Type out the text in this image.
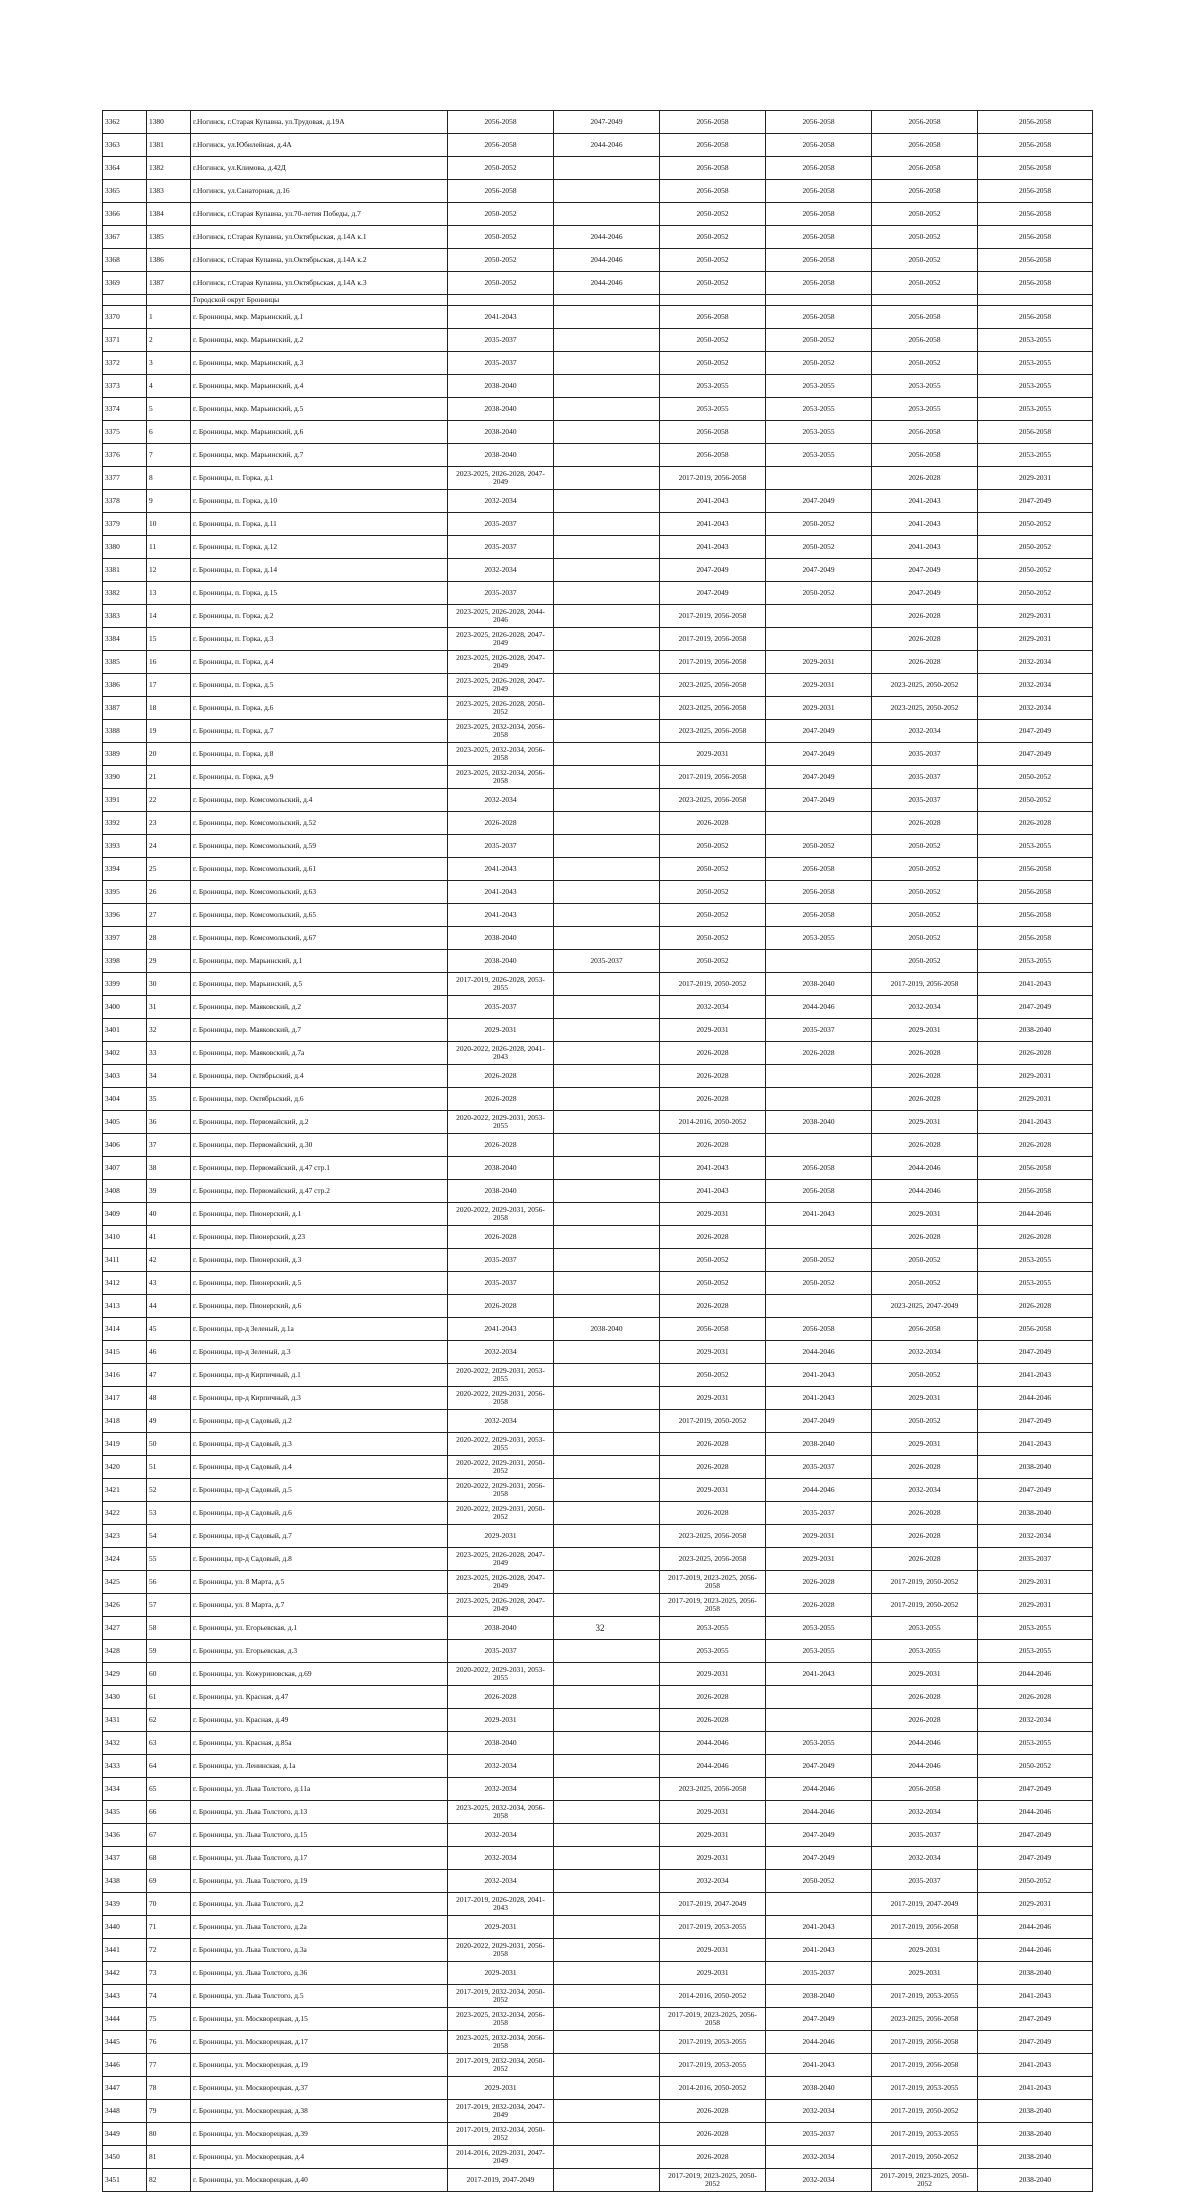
3362	1380	г.Ногинск, г.Старая Купавна, ул.Трудовая, д.19А	2056-2058	2047-2049	2056-2058	2056-2058	2056-2058	2056-2058
3363	1381	г.Ногинск, ул.Юбилейная, д.4А	2056-2058	2044-2046	2056-2058	2056-2058	2056-2058	2056-2058
3364	1382	г.Ногинск, ул.Климова, д.42Д	2050-2052		2056-2058	2056-2058	2056-2058	2056-2058
3365	1383	г.Ногинск, ул.Санаторная, д.16	2056-2058		2056-2058	2056-2058	2056-2058	2056-2058
3366	1384	г.Ногинск, г.Старая Купавна, ул.70-летия Победы, д.7	2050-2052		2050-2052	2056-2058	2050-2052	2056-2058
3367	1385	г.Ногинск, г.Старая Купавна, ул.Октябрьская, д.14А к.1	2050-2052	2044-2046	2050-2052	2056-2058	2050-2052	2056-2058
3368	1386	г.Ногинск, г.Старая Купавна, ул.Октябрьская, д.14А к.2	2050-2052	2044-2046	2050-2052	2056-2058	2050-2052	2056-2058
3369	1387	г.Ногинск, г.Старая Купавна, ул.Октябрьская, д.14А к.3	2050-2052	2044-2046	2050-2052	2056-2058	2050-2052	2056-2058
		Городской округ Бронницы						
3370	1	г. Бронницы, мкр. Марьинский, д.1	2041-2043		2056-2058	2056-2058	2056-2058	2056-2058
3371	2	г. Бронницы, мкр. Марьинский, д.2	2035-2037		2050-2052	2050-2052	2056-2058	2053-2055
3372	3	г. Бронницы, мкр. Марьинский, д.3	2035-2037		2050-2052	2050-2052	2050-2052	2053-2055
3373	4	г. Бронницы, мкр. Марьинский, д.4	2038-2040		2053-2055	2053-2055	2053-2055	2053-2055
3374	5	г. Бронницы, мкр. Марьинский, д.5	2038-2040		2053-2055	2053-2055	2053-2055	2053-2055
3375	6	г. Бронницы, мкр. Марьинский, д.6	2038-2040		2056-2058	2053-2055	2056-2058	2056-2058
3376	7	г. Бронницы, мкр. Марьинский, д.7	2038-2040		2056-2058	2053-2055	2056-2058	2053-2055
3377	8	г. Бронницы, п. Горка, д.1	2023-2025, 2026-2028, 2047-2049		2017-2019, 2056-2058		2026-2028	2029-2031
3378	9	г. Бронницы, п. Горка, д.10	2032-2034		2041-2043	2047-2049	2041-2043	2047-2049
3379	10	г. Бронницы, п. Горка, д.11	2035-2037		2041-2043	2050-2052	2041-2043	2050-2052
3380	11	г. Бронницы, п. Горка, д.12	2035-2037		2041-2043	2050-2052	2041-2043	2050-2052
3381	12	г. Бронницы, п. Горка, д.14	2032-2034		2047-2049	2047-2049	2047-2049	2050-2052
3382	13	г. Бронницы, п. Горка, д.15	2035-2037		2047-2049	2050-2052	2047-2049	2050-2052
3383	14	г. Бронницы, п. Горка, д.2	2023-2025, 2026-2028, 2044-2046		2017-2019, 2056-2058		2026-2028	2029-2031
3384	15	г. Бронницы, п. Горка, д.3	2023-2025, 2026-2028, 2047-2049		2017-2019, 2056-2058		2026-2028	2029-2031
3385	16	г. Бронницы, п. Горка, д.4	2023-2025, 2026-2028, 2047-2049		2017-2019, 2056-2058	2029-2031	2026-2028	2032-2034
3386	17	г. Бронницы, п. Горка, д.5	2023-2025, 2026-2028, 2047-2049		2023-2025, 2056-2058	2029-2031	2023-2025, 2050-2052	2032-2034
3387	18	г. Бронницы, п. Горка, д.6	2023-2025, 2026-2028, 2050-2052		2023-2025, 2056-2058	2029-2031	2023-2025, 2050-2052	2032-2034
3388	19	г. Бронницы, п. Горка, д.7	2023-2025, 2032-2034, 2056-2058		2023-2025, 2056-2058	2047-2049	2032-2034	2047-2049
3389	20	г. Бронницы, п. Горка, д.8	2023-2025, 2032-2034, 2056-2058		2029-2031	2047-2049	2035-2037	2047-2049
3390	21	г. Бронницы, п. Горка, д.9	2023-2025, 2032-2034, 2056-2058		2017-2019, 2056-2058	2047-2049	2035-2037	2050-2052
3391	22	г. Бронницы, пер. Комсомольский, д.4	2032-2034		2023-2025, 2056-2058	2047-2049	2035-2037	2050-2052
3392	23	г. Бронницы, пер. Комсомольский, д.52	2026-2028		2026-2028		2026-2028	2026-2028
3393	24	г. Бронницы, пер. Комсомольский, д.59	2035-2037		2050-2052	2050-2052	2050-2052	2053-2055
3394	25	г. Бронницы, пер. Комсомольский, д.61	2041-2043		2050-2052	2056-2058	2050-2052	2056-2058
3395	26	г. Бронницы, пер. Комсомольский, д.63	2041-2043		2050-2052	2056-2058	2050-2052	2056-2058
3396	27	г. Бронницы, пер. Комсомольский, д.65	2041-2043		2050-2052	2056-2058	2050-2052	2056-2058
3397	28	г. Бронницы, пер. Комсомольский, д.67	2038-2040		2050-2052	2053-2055	2050-2052	2056-2058
3398	29	г. Бронницы, пер. Марьинский, д.1	2038-2040	2035-2037	2050-2052		2050-2052	2053-2055
3399	30	г. Бронницы, пер. Марьинский, д.5	2017-2019, 2026-2028, 2053-2055		2017-2019, 2050-2052	2038-2040	2017-2019, 2056-2058	2041-2043
3400	31	г. Бронницы, пер. Маяковский, д.2	2035-2037		2032-2034	2044-2046	2032-2034	2047-2049
3401	32	г. Бронницы, пер. Маяковский, д.7	2029-2031		2029-2031	2035-2037	2029-2031	2038-2040
3402	33	г. Бронницы, пер. Маяковский, д.7а	2020-2022, 2026-2028, 2041-2043		2026-2028	2026-2028	2026-2028	2026-2028
3403	34	г. Бронницы, пер. Октябрьский, д.4	2026-2028		2026-2028		2026-2028	2029-2031
3404	35	г. Бронницы, пер. Октябрьский, д.6	2026-2028		2026-2028		2026-2028	2029-2031
3405	36	г. Бронницы, пер. Первомайский, д.2	2020-2022, 2029-2031, 2053-2055		2014-2016, 2050-2052	2038-2040	2029-2031	2041-2043
3406	37	г. Бронницы, пер. Первомайский, д.30	2026-2028		2026-2028		2026-2028	2026-2028
3407	38	г. Бронницы, пер. Первомайский, д.47 стр.1	2038-2040		2041-2043	2056-2058	2044-2046	2056-2058
3408	39	г. Бронницы, пер. Первомайский, д.47 стр.2	2038-2040		2041-2043	2056-2058	2044-2046	2056-2058
3409	40	г. Бронницы, пер. Пионерский, д.1	2020-2022, 2029-2031, 2056-2058		2029-2031	2041-2043	2029-2031	2044-2046
3410	41	г. Бронницы, пер. Пионерский, д.23	2026-2028		2026-2028		2026-2028	2026-2028
3411	42	г. Бронницы, пер. Пионерский, д.3	2035-2037		2050-2052	2050-2052	2050-2052	2053-2055
3412	43	г. Бронницы, пер. Пионерский, д.5	2035-2037		2050-2052	2050-2052	2050-2052	2053-2055
3413	44	г. Бронницы, пер. Пионерский, д.6	2026-2028		2026-2028		2023-2025, 2047-2049	2026-2028
3414	45	г. Бронницы, пр-д Зеленый, д.1а	2041-2043	2038-2040	2056-2058	2056-2058	2056-2058	2056-2058
3415	46	г. Бронницы, пр-д Зеленый, д.3	2032-2034		2029-2031	2044-2046	2032-2034	2047-2049
3416	47	г. Бронницы, пр-д Кирпичный, д.1	2020-2022, 2029-2031, 2053-2055		2050-2052	2041-2043	2050-2052	2041-2043
3417	48	г. Бронницы, пр-д Кирпичный, д.3	2020-2022, 2029-2031, 2056-2058		2029-2031	2041-2043	2029-2031	2044-2046
3418	49	г. Бронницы, пр-д Садовый, д.2	2032-2034		2017-2019, 2050-2052	2047-2049	2050-2052	2047-2049
3419	50	г. Бронницы, пр-д Садовый, д.3	2020-2022, 2029-2031, 2053-2055		2026-2028	2038-2040	2029-2031	2041-2043
3420	51	г. Бронницы, пр-д Садовый, д.4	2020-2022, 2029-2031, 2050-2052		2026-2028	2035-2037	2026-2028	2038-2040
3421	52	г. Бронницы, пр-д Садовый, д.5	2020-2022, 2029-2031, 2056-2058		2029-2031	2044-2046	2032-2034	2047-2049
3422	53	г. Бронницы, пр-д Садовый, д.6	2020-2022, 2029-2031, 2050-2052		2026-2028	2035-2037	2026-2028	2038-2040
3423	54	г. Бронницы, пр-д Садовый, д.7	2029-2031		2023-2025, 2056-2058	2029-2031	2026-2028	2032-2034
3424	55	г. Бронницы, пр-д Садовый, д.8	2023-2025, 2026-2028, 2047-2049		2023-2025, 2056-2058	2029-2031	2026-2028	2035-2037
3425	56	г. Бронницы, ул. 8 Марта, д.5	2023-2025, 2026-2028, 2047-2049		2017-2019, 2023-2025, 2056-2058	2026-2028	2017-2019, 2050-2052	2029-2031
3426	57	г. Бронницы, ул. 8 Марта, д.7	2023-2025, 2026-2028, 2047-2049		2017-2019, 2023-2025, 2056-2058	2026-2028	2017-2019, 2050-2052	2029-2031
3427	58	г. Бронницы, ул. Егорьевская, д.1	2038-2040		2053-2055	2053-2055	2053-2055	2053-2055
3428	59	г. Бронницы, ул. Егорьевская, д.3	2035-2037		2053-2055	2053-2055	2053-2055	2053-2055
3429	60	г. Бронницы, ул. Кожуриновская, д.69	2020-2022, 2029-2031, 2053-2055		2029-2031	2041-2043	2029-2031	2044-2046
3430	61	г. Бронницы, ул. Красная, д.47	2026-2028		2026-2028		2026-2028	2026-2028
3431	62	г. Бронницы, ул. Красная, д.49	2029-2031		2026-2028		2026-2028	2032-2034
3432	63	г. Бронницы, ул. Красная, д.85а	2038-2040		2044-2046	2053-2055	2044-2046	2053-2055
3433	64	г. Бронницы, ул. Ленинская, д.1а	2032-2034		2044-2046	2047-2049	2044-2046	2050-2052
3434	65	г. Бронницы, ул. Льва Толстого, д.11а	2032-2034		2023-2025, 2056-2058	2044-2046	2056-2058	2047-2049
3435	66	г. Бронницы, ул. Льва Толстого, д.13	2023-2025, 2032-2034, 2056-2058		2029-2031	2044-2046	2032-2034	2044-2046
3436	67	г. Бронницы, ул. Льва Толстого, д.15	2032-2034		2029-2031	2047-2049	2035-2037	2047-2049
3437	68	г. Бронницы, ул. Льва Толстого, д.17	2032-2034		2029-2031	2047-2049	2032-2034	2047-2049
3438	69	г. Бронницы, ул. Льва Толстого, д.19	2032-2034		2032-2034	2050-2052	2035-2037	2050-2052
3439	70	г. Бронницы, ул. Льва Толстого, д.2	2017-2019, 2026-2028, 2041-2043		2017-2019, 2047-2049		2017-2019, 2047-2049	2029-2031
3440	71	г. Бронницы, ул. Льва Толстого, д.2а	2029-2031		2017-2019, 2053-2055	2041-2043	2017-2019, 2056-2058	2044-2046
3441	72	г. Бронницы, ул. Льва Толстого, д.3а	2020-2022, 2029-2031, 2056-2058		2029-2031	2041-2043	2029-2031	2044-2046
3442	73	г. Бронницы, ул. Льва Толстого, д.36	2029-2031		2029-2031	2035-2037	2029-2031	2038-2040
3443	74	г. Бронницы, ул. Льва Толстого, д.5	2017-2019, 2032-2034, 2050-2052		2014-2016, 2050-2052	2038-2040	2017-2019, 2053-2055	2041-2043
3444	75	г. Бронницы, ул. Москворецкая, д.15	2023-2025, 2032-2034, 2056-2058		2017-2019, 2023-2025, 2056-2058	2047-2049	2023-2025, 2056-2058	2047-2049
3445	76	г. Бронницы, ул. Москворецкая, д.17	2023-2025, 2032-2034, 2056-2058		2017-2019, 2053-2055	2044-2046	2017-2019, 2056-2058	2047-2049
3446	77	г. Бронницы, ул. Москворецкая, д.19	2017-2019, 2032-2034, 2050-2052		2017-2019, 2053-2055	2041-2043	2017-2019, 2056-2058	2041-2043
3447	78	г. Бронницы, ул. Москворецкая, д.37	2029-2031		2014-2016, 2050-2052	2038-2040	2017-2019, 2053-2055	2041-2043
3448	79	г. Бронницы, ул. Москворецкая, д.38	2017-2019, 2032-2034, 2047-2049		2026-2028	2032-2034	2017-2019, 2050-2052	2038-2040
3449	80	г. Бронницы, ул. Москворецкая, д.39	2017-2019, 2032-2034, 2050-2052		2026-2028	2035-2037	2017-2019, 2053-2055	2038-2040
3450	81	г. Бронницы, ул. Москворецкая, д.4	2014-2016, 2029-2031, 2047-2049		2026-2028	2032-2034	2017-2019, 2050-2052	2038-2040
3451	82	г. Бронницы, ул. Москворецкая, д.40	2017-2019, 2047-2049		2017-2019, 2023-2025, 2050-2052	2032-2034	2017-2019, 2023-2025, 2050-2052	2038-2040
32
